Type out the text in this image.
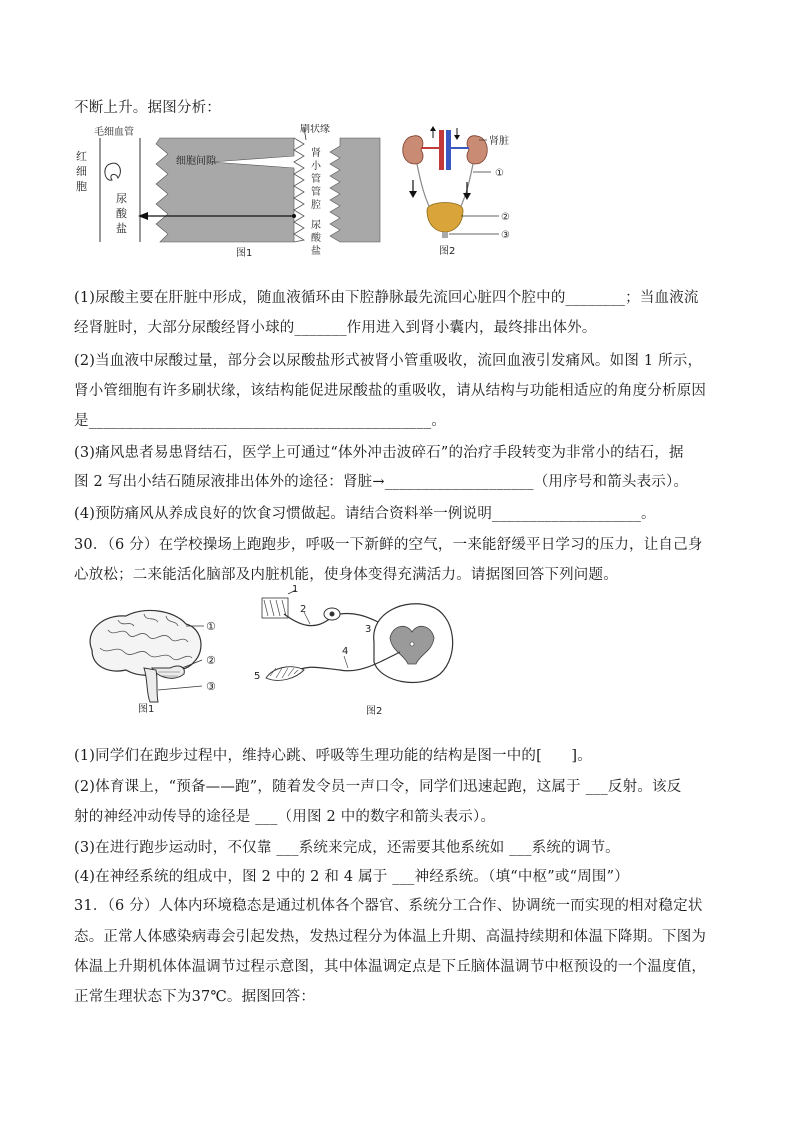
不断上升。据图分析：
(1)尿酸主要在肝脏中形成，随血液循环由下腔静脉最先流回心脏四个腔中的________；当血液流
经肾脏时，大部分尿酸经肾小球的_______作用进入到肾小囊内，最终排出体外。
(2)当血液中尿酸过量，部分会以尿酸盐形式被肾小管重吸收，流回血液引发痛风。如图 1 所示，
肾小管细胞有许多刷状缘，该结构能促进尿酸盐的重吸收，请从结构与功能相适应的角度分析原因
是______________________________________________。
(3)痛风患者易患肾结石，医学上可通过“体外冲击波碎石”的治疗手段转变为非常小的结石，据
图 2 写出小结石随尿液排出体外的途径：肾脏→____________________（用序号和箭头表示）。
(4)预防痛风从养成良好的饮食习惯做起。请结合资料举一例说明____________________。
30．（6 分）在学校操场上跑跑步，呼吸一下新鲜的空气，一来能舒缓平日学习的压力，让自己身
心放松；二来能活化脑部及内脏机能，使身体变得充满活力。请据图回答下列问题。
(1)同学们在跑步过程中，维持心跳、呼吸等生理功能的结构是图一中的[　　]。
(2)体育课上，“预备——跑”，随着发令员一声口令，同学们迅速起跑，这属于 ___反射。该反
射的神经冲动传导的途径是 ___（用图 2 中的数字和箭头表示）。
(3)在进行跑步运动时，不仅靠 ___系统来完成，还需要其他系统如 ___系统的调节。
(4)在神经系统的组成中，图 2 中的 2 和 4 属于 ___神经系统。（填“中枢”或“周围”）
31．（6 分）人体内环境稳态是通过机体各个器官、系统分工合作、协调统一而实现的相对稳定状
态。正常人体感染病毒会引起发热，发热过程分为体温上升期、高温持续期和体温下降期。下图为
体温上升期机体体温调节过程示意图，其中体温调定点是下丘脑体温调节中枢预设的一个温度值，
正常生理状态下为37℃。据图回答：
毛细血管	刷状缘
细胞间隙
红
细
胞
尿
酸
盐
肾
小
管
管
腔
尿
酸
盐
图1
肾脏
①
②
③
图2
①
②
③
图1
1
2
3
4
5
图2
